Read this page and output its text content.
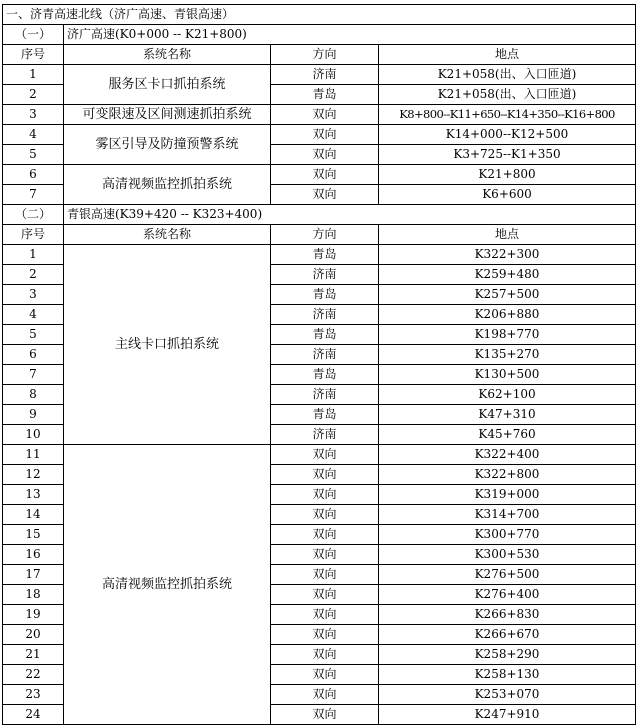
一、济青高速北线（济广高速、青银高速）			
（一）	济广高速(K0+000 -- K21+800)		
序号	系统名称	方向	地点
1	服务区卡口抓拍系统	济南	K21+058(出、入口匝道)
2		青岛	K21+058(出、入口匝道)
3	可变限速及区间测速抓拍系统	双向	K8+800--K11+650--K14+350--K16+800
4	雾区引导及防撞预警系统	双向	K14+000--K12+500
5		双向	K3+725--K1+350
6	高清视频监控抓拍系统	双向	K21+800
7		双向	K6+600
（二）	青银高速(K39+420 -- K323+400)		
序号	系统名称	方向	地点
1	主线卡口抓拍系统	青岛	K322+300
2		济南	K259+480
3		青岛	K257+500
4		济南	K206+880
5		青岛	K198+770
6		济南	K135+270
7		青岛	K130+500
8		济南	K62+100
9		青岛	K47+310
10		济南	K45+760
11	高清视频监控抓拍系统	双向	K322+400
12		双向	K322+800
13		双向	K319+000
14		双向	K314+700
15		双向	K300+770
16		双向	K300+530
17		双向	K276+500
18		双向	K276+400
19		双向	K266+830
20		双向	K266+670
21		双向	K258+290
22		双向	K258+130
23		双向	K253+070
24		双向	K247+910
